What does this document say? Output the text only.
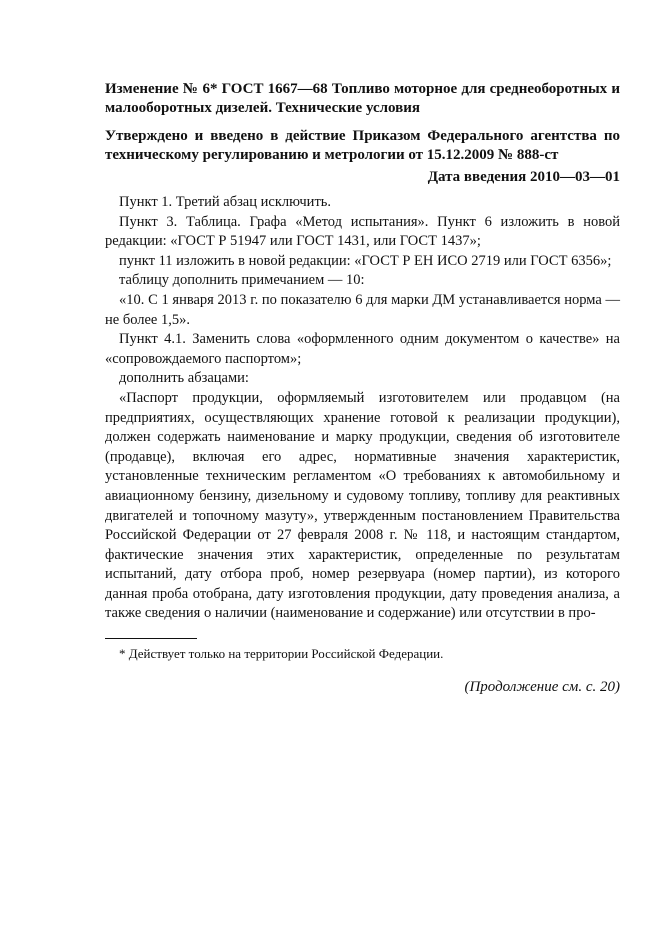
Изменение № 6* ГОСТ 1667—68 Топливо моторное для среднеоборотных и малооборотных дизелей. Технические условия

Утверждено и введено в действие Приказом Федерального агентства по техническому регулированию и метрологии от 15.12.2009 № 888-ст

Дата введения 2010—03—01

Пункт 1. Третий абзац исключить.

Пункт 3. Таблица. Графа «Метод испытания». Пункт 6 изложить в новой редакции: «ГОСТ Р 51947 или ГОСТ 1431, или ГОСТ 1437»;

пункт 11 изложить в новой редакции: «ГОСТ Р ЕН ИСО 2719 или ГОСТ 6356»;

таблицу дополнить примечанием — 10:

«10. С 1 января 2013 г. по показателю 6 для марки ДМ устанавливается норма — не более 1,5».

Пункт 4.1. Заменить слова «оформленного одним документом о качестве» на «сопровождаемого паспортом»;

дополнить абзацами:

«Паспорт продукции, оформляемый изготовителем или продавцом (на предприятиях, осуществляющих хранение готовой к реализации продукции), должен содержать наименование и марку продукции, сведения об изготовителе (продавце), включая его адрес, нормативные значения характеристик, установленные техническим регламентом «О требованиях к автомобильному и авиационному бензину, дизельному и судовому топливу, топливу для реактивных двигателей и топочному мазуту», утвержденным постановлением Правительства Российской Федерации от 27 февраля 2008 г. № 118, и настоящим стандартом, фактические значения этих характеристик, определенные по результатам испытаний, дату отбора проб, номер резервуара (номер партии), из которого данная проба отобрана, дату изготовления продукции, дату проведения анализа, а также сведения о наличии (наименование и содержание) или отсутствии в про-

* Действует только на территории Российской Федерации.

(Продолжение см. с. 20)
